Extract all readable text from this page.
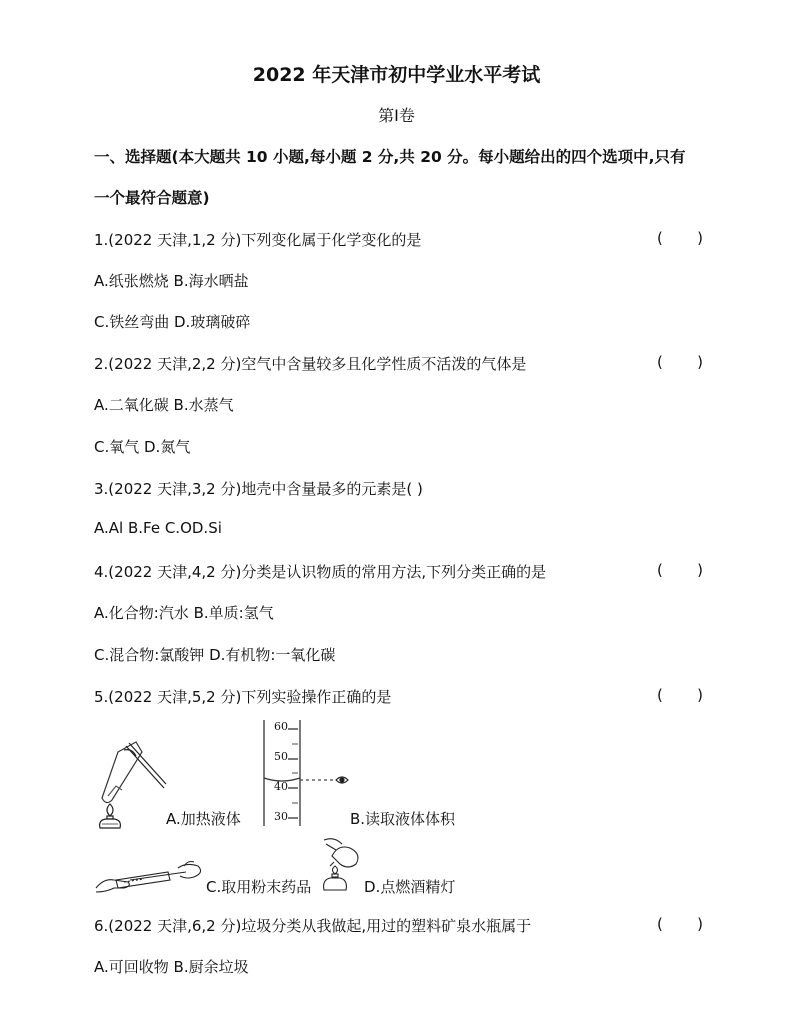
2022 年天津市初中学业水平考试
第Ⅰ卷
一、选择题(本大题共 10 小题,每小题 2 分,共 20 分。每小题给出的四个选项中,只有
一个最符合题意)
1.(2022 天津,1,2 分)下列变化属于化学变化的是	( )
A.纸张燃烧 B.海水晒盐
C.铁丝弯曲 D.玻璃破碎
2.(2022 天津,2,2 分)空气中含量较多且化学性质不活泼的气体是	( )
A.二氧化碳 B.水蒸气
C.氧气 D.氮气
3.(2022 天津,3,2 分)地壳中含量最多的元素是( )
A.Al B.Fe C.OD.Si
4.(2022 天津,4,2 分)分类是认识物质的常用方法,下列分类正确的是	( )
A.化合物:汽水 B.单质:氢气
C.混合物:氯酸钾 D.有机物:一氧化碳
5.(2022 天津,5,2 分)下列实验操作正确的是	( )
A.加热液体
60
50
40
30	B.读取液体体积
C.取用粉末药品	D.点燃酒精灯
6.(2022 天津,6,2 分)垃圾分类从我做起,用过的塑料矿泉水瓶属于	( )
A.可回收物 B.厨余垃圾
